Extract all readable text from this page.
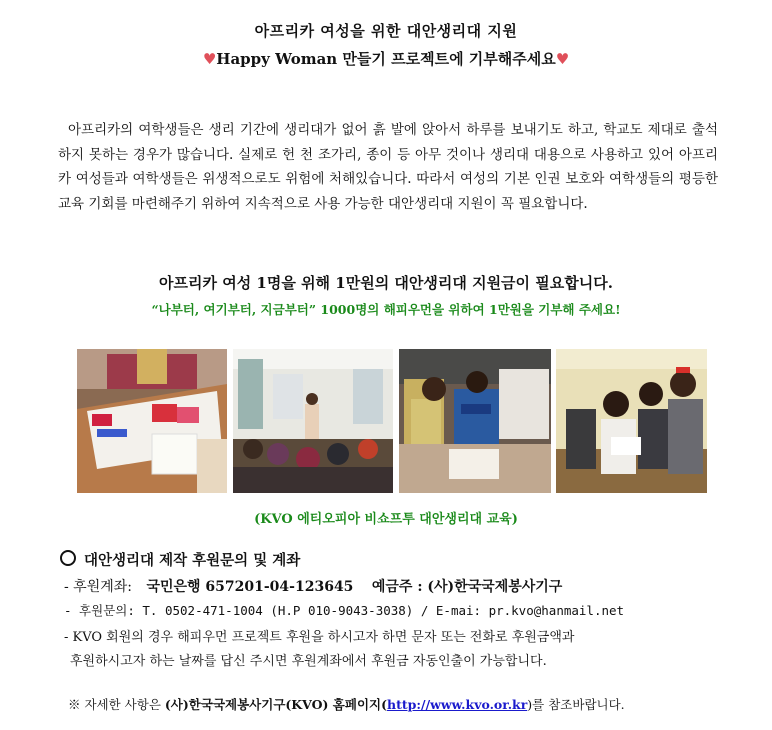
아프리카 여성을 위한 대안생리대 지원
♥Happy Woman 만들기 프로젝트에 기부해주세요♥
아프리카의 여학생들은 생리 기간에 생리대가 없어 흙 발에 앉아서 하루를 보내기도 하고, 학교도 제대로 출석하지 못하는 경우가 많습니다. 실제로 헌 천 조가리, 종이 등 아무 것이나 생리대 대용으로 사용하고 있어 아프리카 여성들과 여학생들은 위생적으로도 위험에 처해있습니다. 따라서 여성의 기본 인권 보호와 여학생들의 평등한 교육 기회를 마련해주기 위하여 지속적으로 사용 가능한 대안생리대 지원이 꼭 필요합니다.
아프리카 여성 1명을 위해 1만원의 대안생리대 지원금이 필요합니다.
“나부터, 여기부터, 지금부터” 1000명의 해피우먼을 위하여 1만원을 기부해 주세요!
(KVO 에티오피아 비쇼프투 대안생리대 교육)
대안생리대 제작 후원문의 및 계좌
- 후원계좌: 국민은행 657201-04-123645 예금주 : (사)한국국제봉사기구
- 후원문의: T. 0502-471-1004 (H.P 010-9043-3038) / E-mai: pr.kvo@hanmail.net
- KVO 회원의 경우 해피우먼 프로젝트 후원을 하시고자 하면 문자 또는 전화로 후원금액과
후원하시고자 하는 날짜를 답신 주시면 후원계좌에서 후원금 자동인출이 가능합니다.
※ 자세한 사항은 (사)한국국제봉사기구(KVO) 홈페이지(http://www.kvo.or.kr)를 참조바랍니다.
